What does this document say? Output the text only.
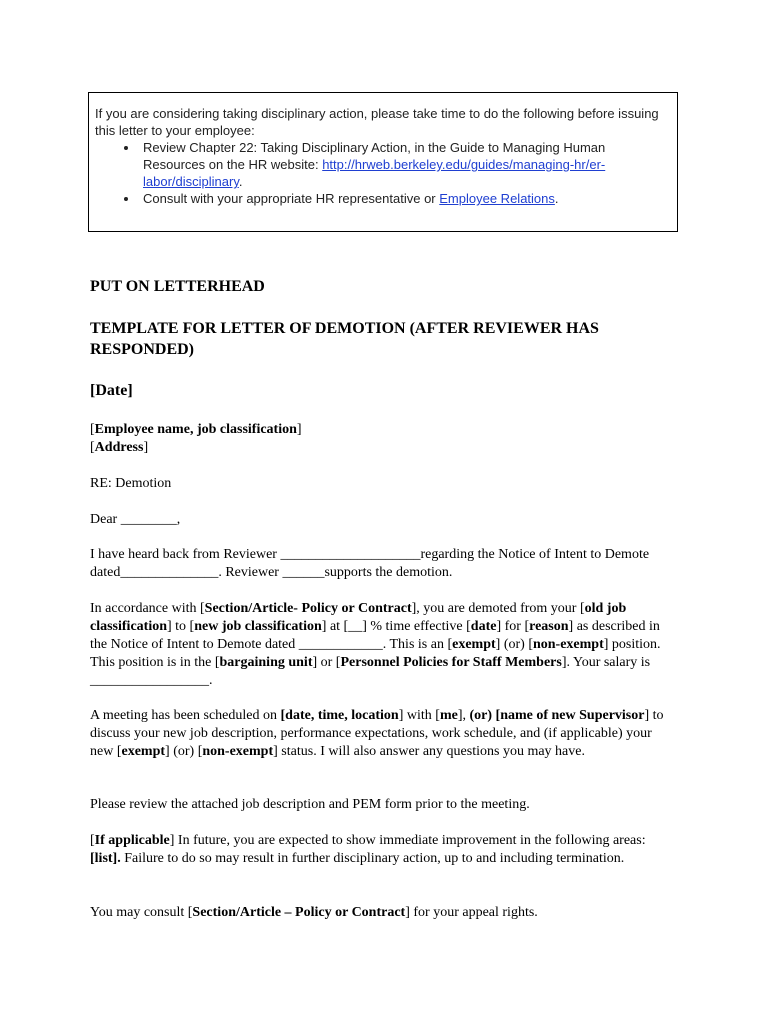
If you are considering taking disciplinary action, please take time to do the following before issuing this letter to your employee:

• Review Chapter 22: Taking Disciplinary Action, in the Guide to Managing Human Resources on the HR website: http://hrweb.berkeley.edu/guides/managing-hr/er-labor/disciplinary.
• Consult with your appropriate HR representative or Employee Relations.

PUT ON LETTERHEAD

TEMPLATE FOR LETTER OF DEMOTION (AFTER REVIEWER HAS RESPONDED)

[Date]

[Employee name, job classification]
[Address]

RE: Demotion

Dear ________,

I have heard back from Reviewer ____________________regarding the Notice of Intent to Demote dated______________. Reviewer ______supports the demotion.

In accordance with [Section/Article- Policy or Contract], you are demoted from your [old job classification] to [new job classification] at [__] % time effective [date] for [reason] as described in the Notice of Intent to Demote dated ____________. This is an [exempt] (or) [non-exempt] position. This position is in the [bargaining unit] or [Personnel Policies for Staff Members]. Your salary is _________________.

A meeting has been scheduled on [date, time, location] with [me], (or) [name of new Supervisor] to discuss your new job description, performance expectations, work schedule, and (if applicable) your new [exempt] (or) [non-exempt] status. I will also answer any questions you may have.

Please review the attached job description and PEM form prior to the meeting.

[If applicable] In future, you are expected to show immediate improvement in the following areas: [list]. Failure to do so may result in further disciplinary action, up to and including termination.

You may consult [Section/Article – Policy or Contract] for your appeal rights.
